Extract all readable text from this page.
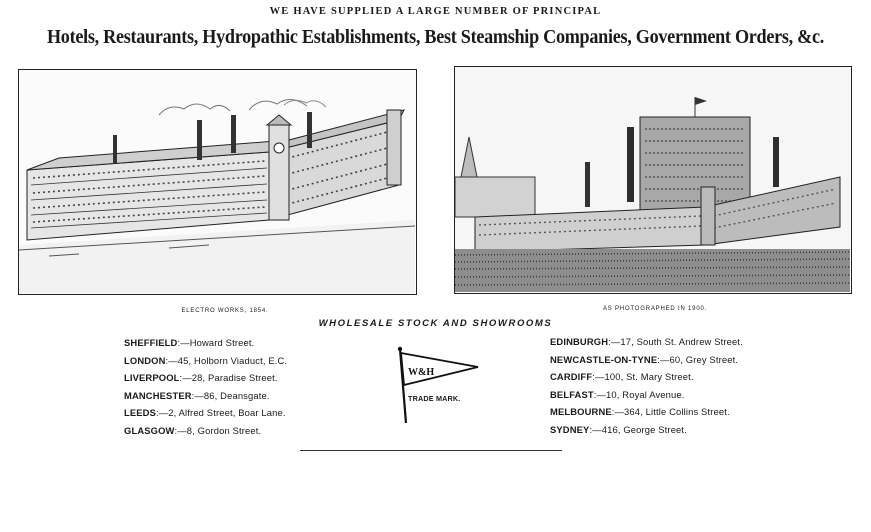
WE HAVE SUPPLIED A LARGE NUMBER OF PRINCIPAL
Hotels, Restaurants, Hydropathic Establishments, Best Steamship Companies, Government Orders, &c.
ELECTRO WORKS, 1854.	AS PHOTOGRAPHED IN 1900.
WHOLESALE STOCK AND SHOWROOMS
SHEFFIELD:—Howard Street.
LONDON:—45, Holborn Viaduct, E.C.
LIVERPOOL:—28, Paradise Street.
MANCHESTER:—86, Deansgate.
LEEDS:—2, Alfred Street, Boar Lane.
GLASGOW:—8, Gordon Street.
W&H
TRADE MARK.
EDINBURGH:—17, South St. Andrew Street.
NEWCASTLE-ON-TYNE:—60, Grey Street.
CARDIFF:—100, St. Mary Street.
BELFAST:—10, Royal Avenue.
MELBOURNE:—364, Little Collins Street.
SYDNEY:—416, George Street.
